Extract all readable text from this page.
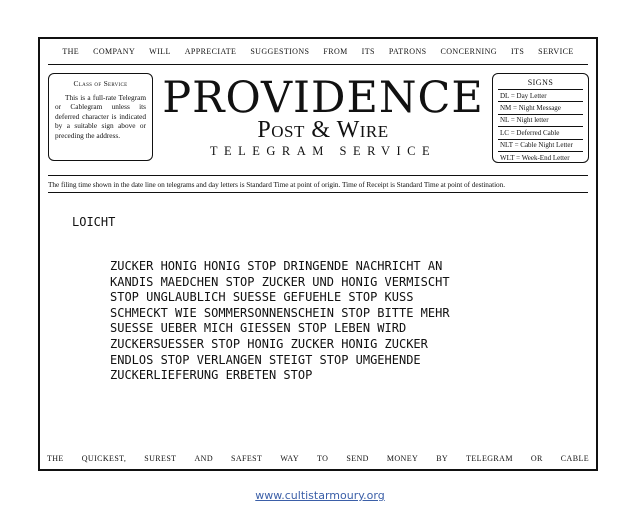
THE COMPANY WILL APPRECIATE SUGGESTIONS FROM ITS PATRONS CONCERNING ITS SERVICE
Class of Service
This is a full-rate Telegram or Cablegram unless its deferred character is indicated by a suitable sign above or preceding the address.
PROVIDENCE
Post & Wire
TELEGRAM SERVICE
SIGNS
DL = Day Letter
NM = Night Message
NL = Night letter
LC = Deferred Cable
NLT = Cable Night Letter
WLT = Week-End Letter
The filing time shown in the date line on telegrams and day letters is Standard Time at point of origin. Time of Receipt is Standard Time at point of destination.
LOICHT
ZUCKER HONIG HONIG STOP DRINGENDE NACHRICHT AN
KANDIS MAEDCHEN STOP ZUCKER UND HONIG VERMISCHT
STOP UNGLAUBLICH SUESSE GEFUEHLE STOP KUSS
SCHMECKT WIE SOMMERSONNENSCHEIN STOP BITTE MEHR
SUESSE UEBER MICH GIESSEN STOP LEBEN WIRD
ZUCKERSUESSER STOP HONIG ZUCKER HONIG ZUCKER
ENDLOS STOP VERLANGEN STEIGT STOP UMGEHENDE
ZUCKERLIEFERUNG ERBETEN STOP
THE QUICKEST, SUREST AND SAFEST WAY TO SEND MONEY BY TELEGRAM OR CABLE
www.cultistarmoury.org
